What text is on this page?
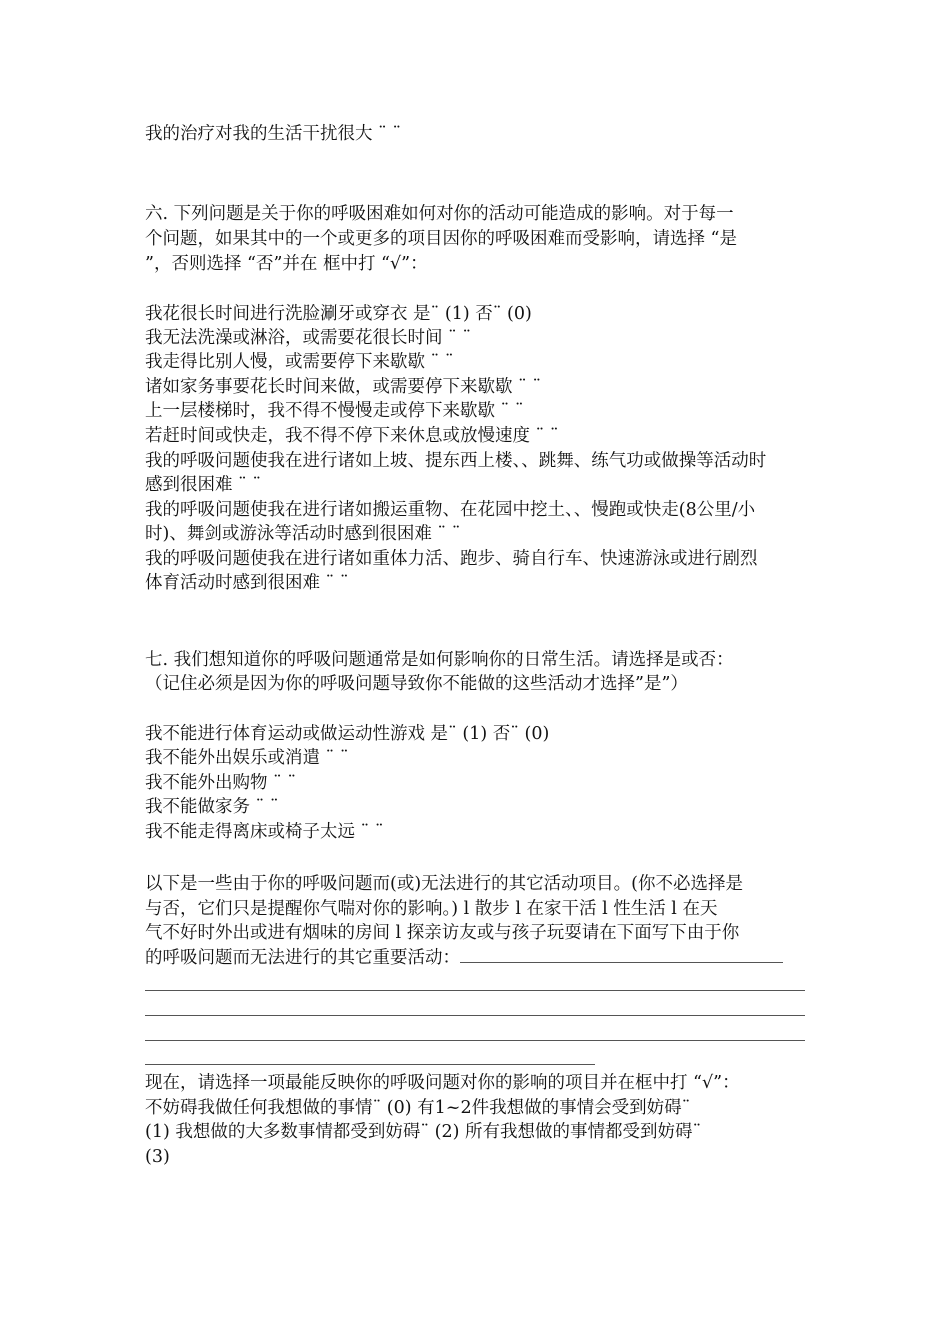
我的治疗对我的生活干扰很大 ¨ ¨
六. 下列问题是关于你的呼吸困难如何对你的活动可能造成的影响。对于每一
个问题，如果其中的一个或更多的项目因你的呼吸困难而受影响，请选择 “是
”，否则选择 “否”并在 框中打 “√”：
我花很长时间进行洗脸涮牙或穿衣 是¨ (1) 否¨ (0)
我无法洗澡或淋浴，或需要花很长时间 ¨ ¨
我走得比别人慢，或需要停下来歇歇 ¨ ¨
诸如家务事要花长时间来做，或需要停下来歇歇 ¨ ¨
上一层楼梯时，我不得不慢慢走或停下来歇歇 ¨ ¨
若赶时间或快走，我不得不停下来休息或放慢速度 ¨ ¨
我的呼吸问题使我在进行诸如上坡、提东西上楼、、跳舞、练气功或做操等活动时
感到很困难 ¨ ¨
我的呼吸问题使我在进行诸如搬运重物、在花园中挖土、、慢跑或快走(8公里/小
时)、舞剑或游泳等活动时感到很困难 ¨ ¨
我的呼吸问题使我在进行诸如重体力活、跑步、骑自行车、快速游泳或进行剧烈
体育活动时感到很困难 ¨ ¨
七. 我们想知道你的呼吸问题通常是如何影响你的日常生活。请选择是或否：
（记住必须是因为你的呼吸问题导致你不能做的这些活动才选择”是”）
我不能进行体育运动或做运动性游戏 是¨ (1) 否¨ (0)
我不能外出娱乐或消遣 ¨ ¨
我不能外出购物 ¨ ¨
我不能做家务 ¨ ¨
我不能走得离床或椅子太远 ¨ ¨
以下是一些由于你的呼吸问题而(或)无法进行的其它活动项目。(你不必选择是
与否，它们只是提醒你气喘对你的影响。) l 散步 l 在家干活 l 性生活 l 在天
气不好时外出或进有烟味的房间 l 探亲访友或与孩子玩耍请在下面写下由于你
的呼吸问题而无法进行的其它重要活动：
现在，请选择一项最能反映你的呼吸问题对你的影响的项目并在框中打 “√”：
不妨碍我做任何我想做的事情¨ (0) 有1~2件我想做的事情会受到妨碍¨
(1) 我想做的大多数事情都受到妨碍¨ (2) 所有我想做的事情都受到妨碍¨
(3)
